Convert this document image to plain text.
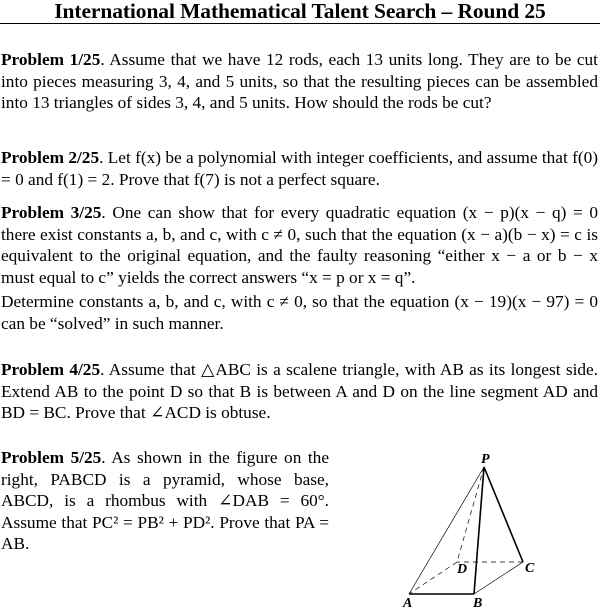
International Mathematical Talent Search – Round 25
Problem 1/25. Assume that we have 12 rods, each 13 units long. They are to be cut into pieces measuring 3, 4, and 5 units, so that the resulting pieces can be assembled into 13 triangles of sides 3, 4, and 5 units. How should the rods be cut?
Problem 2/25. Let f(x) be a polynomial with integer coefficients, and assume that f(0) = 0 and f(1) = 2. Prove that f(7) is not a perfect square.
Problem 3/25. One can show that for every quadratic equation (x − p)(x − q) = 0 there exist constants a, b, and c, with c ≠ 0, such that the equation (x − a)(b − x) = c is equivalent to the original equation, and the faulty reasoning “either x − a or b − x must equal to c” yields the correct answers “x = p or x = q”.
Determine constants a, b, and c, with c ≠ 0, so that the equation (x − 19)(x − 97) = 0 can be “solved” in such manner.
Problem 4/25. Assume that △ABC is a scalene triangle, with AB as its longest side. Extend AB to the point D so that B is between A and D on the line segment AD and BD = BC. Prove that ∠ACD is obtuse.
Problem 5/25. As shown in the figure on the right, PABCD is a pyramid, whose base, ABCD, is a rhombus with ∠DAB = 60°. Assume that PC² = PB² + PD². Prove that PA = AB.
P
A	B
C
D
